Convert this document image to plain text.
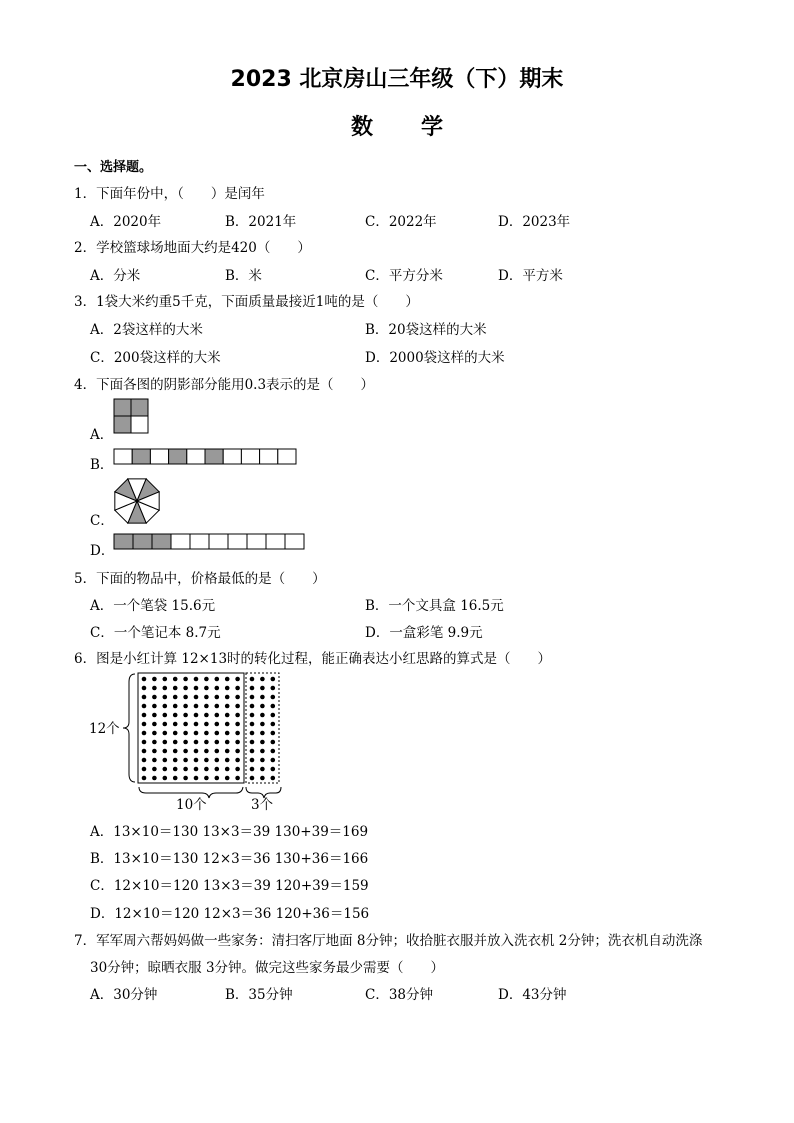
2023 北京房山三年级（下）期末
数学
一、选择题。
1．下面年份中，（　　）是闰年
A．2020年	B．2021年	C．2022年	D．2023年
2．学校篮球场地面大约是420（　　）
A．分米	B．米	C．平方分米	D．平方米
3．1袋大米约重5千克，下面质量最接近1吨的是（　　）
A．2袋这样的大米	B．20袋这样的大米
C．200袋这样的大米	D．2000袋这样的大米
4．下面各图的阴影部分能用0.3表示的是（　　）
A．
B．
C．
D．
5．下面的物品中，价格最低的是（　　）
A．一个笔袋 15.6元	B．一个文具盒 16.5元
C．一个笔记本 8.7元	D．一盒彩笔 9.9元
6．图是小红计算 12×13时的转化过程，能正确表达小红思路的算式是（　　）
12个
10个	3个
A．13×10＝130 13×3＝39 130+39＝169
B．13×10＝130 12×3＝36 130+36＝166
C．12×10＝120 13×3＝39 120+39＝159
D．12×10＝120 12×3＝36 120+36＝156
7．军军周六帮妈妈做一些家务：清扫客厅地面 8分钟；收拾脏衣服并放入洗衣机 2分钟；洗衣机自动洗涤
30分钟；晾晒衣服 3分钟。做完这些家务最少需要（　　）
A．30分钟	B．35分钟	C．38分钟	D．43分钟
